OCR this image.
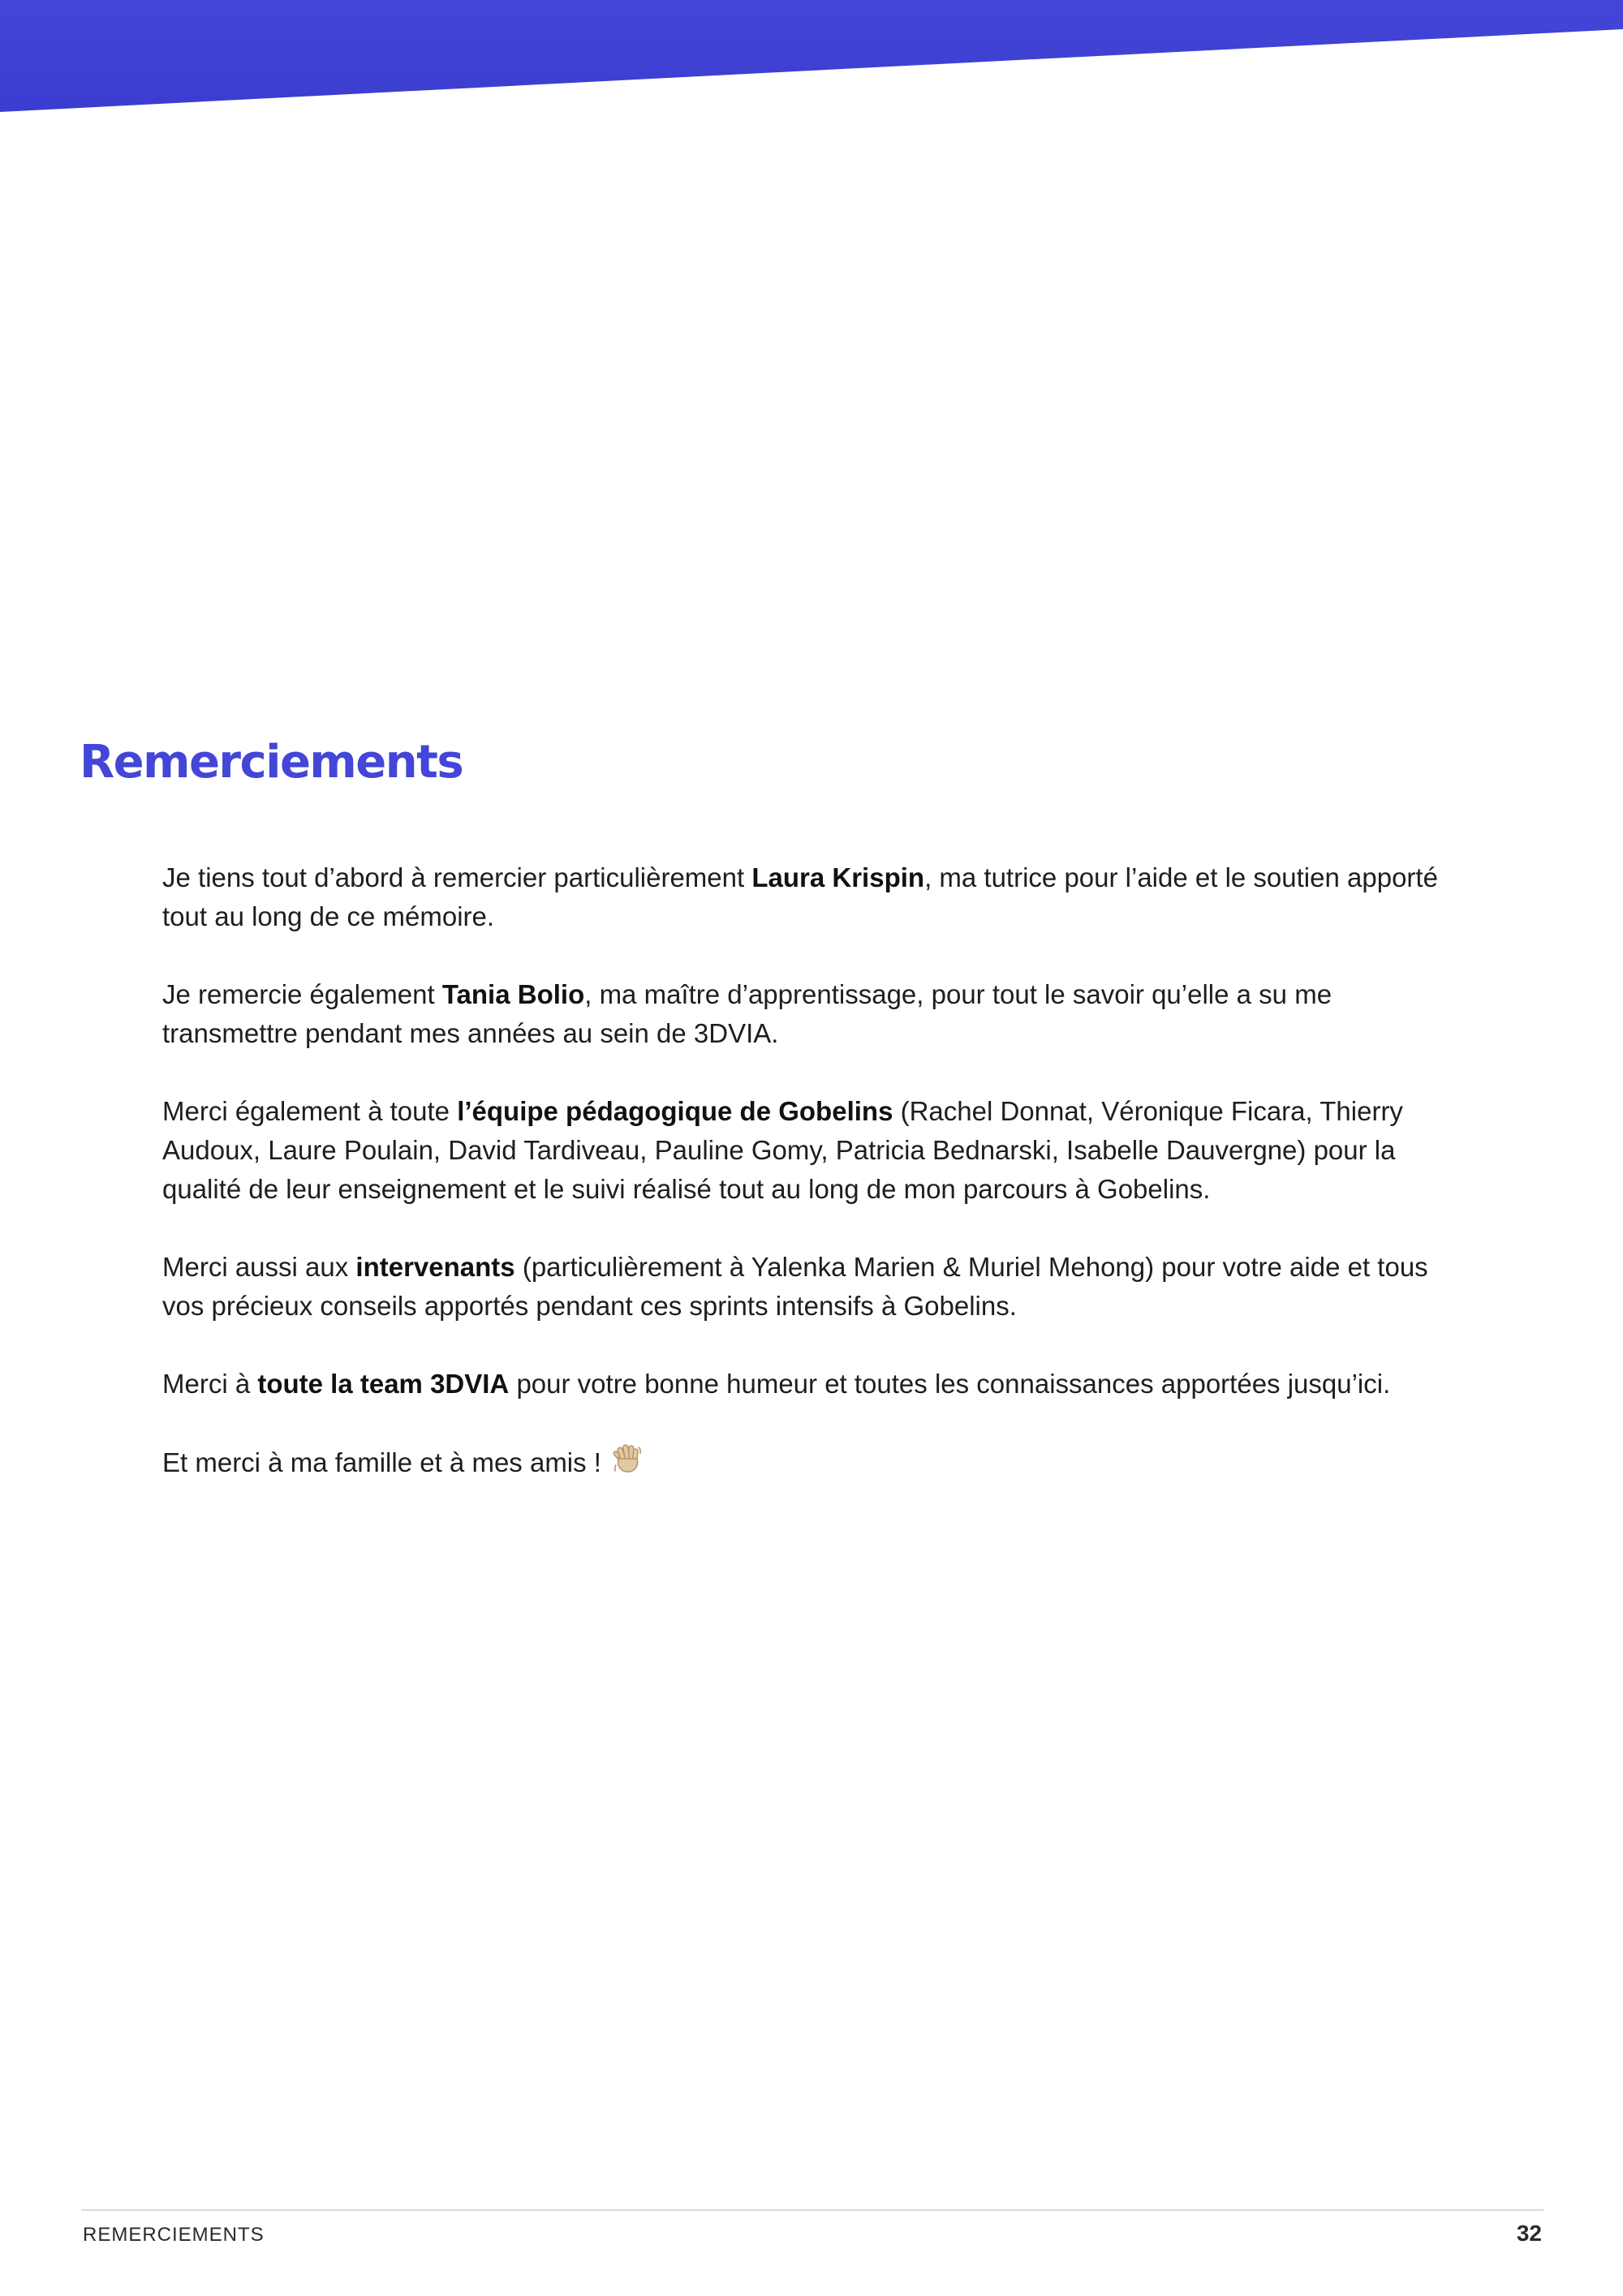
Remerciements

Je tiens tout d’abord à remercier particulièrement Laura Krispin, ma tutrice pour l’aide et le soutien apporté tout au long de ce mémoire.

Je remercie également Tania Bolio, ma maître d’apprentissage, pour tout le savoir qu’elle a su me transmettre pendant mes années au sein de 3DVIA.

Merci également à toute l’équipe pédagogique de Gobelins (Rachel Donnat, Véronique Ficara, Thierry Audoux, Laure Poulain, David Tardiveau, Pauline Gomy, Patricia Bednarski, Isabelle Dauvergne) pour la qualité de leur enseignement et le suivi réalisé tout au long de mon parcours à Gobelins.

Merci aussi aux intervenants (particulièrement à Yalenka Marien & Muriel Mehong) pour votre aide et tous vos précieux conseils apportés pendant ces sprints intensifs à Gobelins.

Merci à toute la team 3DVIA pour votre bonne humeur et toutes les connaissances apportées jusqu’ici.

Et merci à ma famille et à mes amis !

REMERCIEMENTS	32
